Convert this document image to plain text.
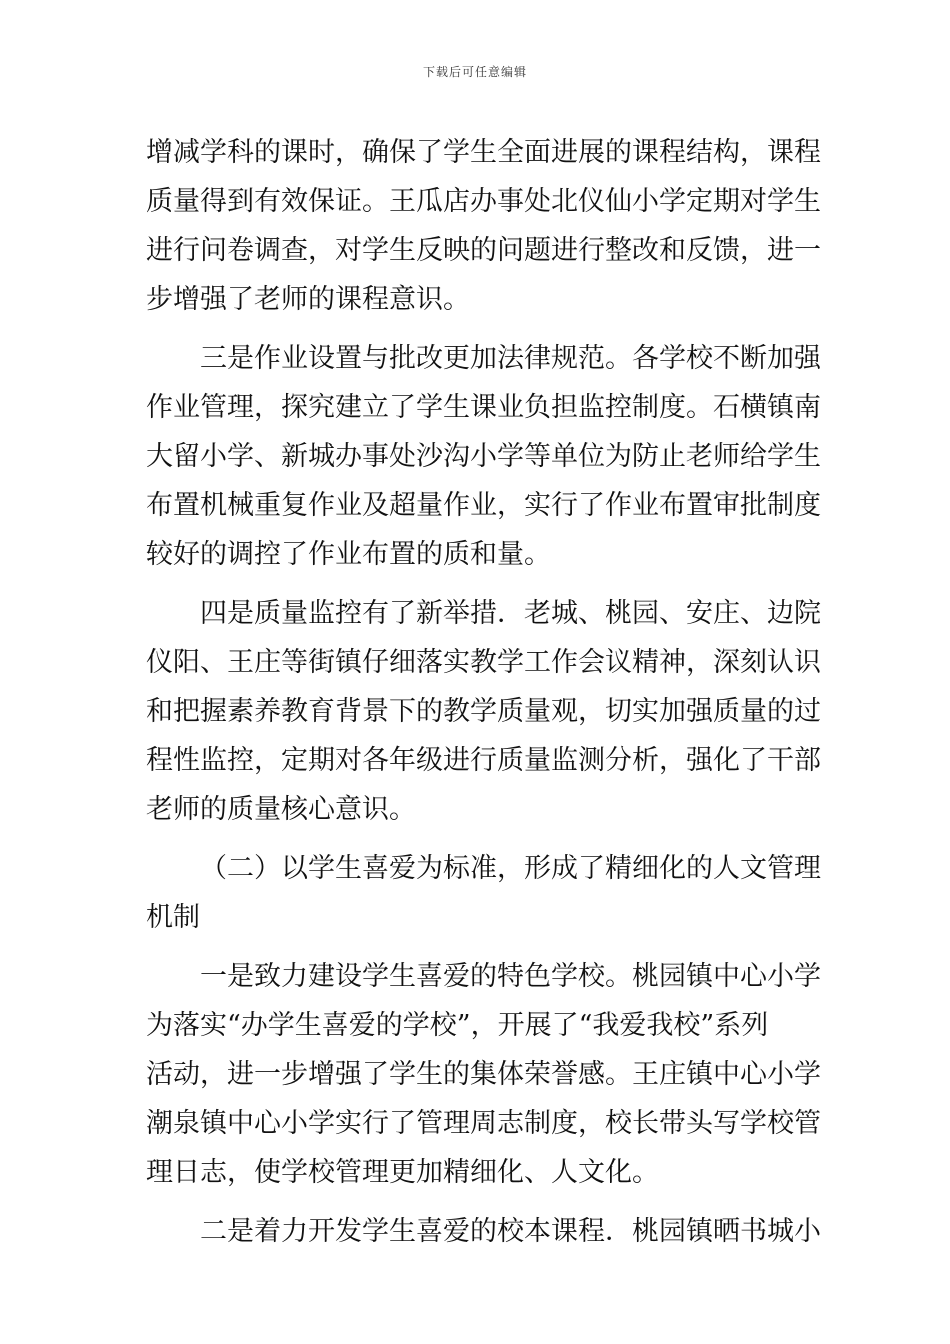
下载后可任意编辑
增减学科的课时，确保了学生全面进展的课程结构，课程
质量得到有效保证。王瓜店办事处北仪仙小学定期对学生
进行问卷调查，对学生反映的问题进行整改和反馈，进一
步增强了老师的课程意识。
三是作业设置与批改更加法律规范。各学校不断加强
作业管理，探究建立了学生课业负担监控制度。石横镇南
大留小学、新城办事处沙沟小学等单位为防止老师给学生
布置机械重复作业及超量作业，实行了作业布置审批制度
较好的调控了作业布置的质和量。
四是质量监控有了新举措．老城、桃园、安庄、边院
仪阳、王庄等街镇仔细落实教学工作会议精神，深刻认识
和把握素养教育背景下的教学质量观，切实加强质量的过
程性监控，定期对各年级进行质量监测分析，强化了干部
老师的质量核心意识。
（二）以学生喜爱为标准，形成了精细化的人文管理
机制
一是致力建设学生喜爱的特色学校。桃园镇中心小学
为落实“办学生喜爱的学校”，开展了“我爱我校”系列
活动，进一步增强了学生的集体荣誉感。王庄镇中心小学
潮泉镇中心小学实行了管理周志制度，校长带头写学校管
理日志，使学校管理更加精细化、人文化。
二是着力开发学生喜爱的校本课程．桃园镇晒书城小
